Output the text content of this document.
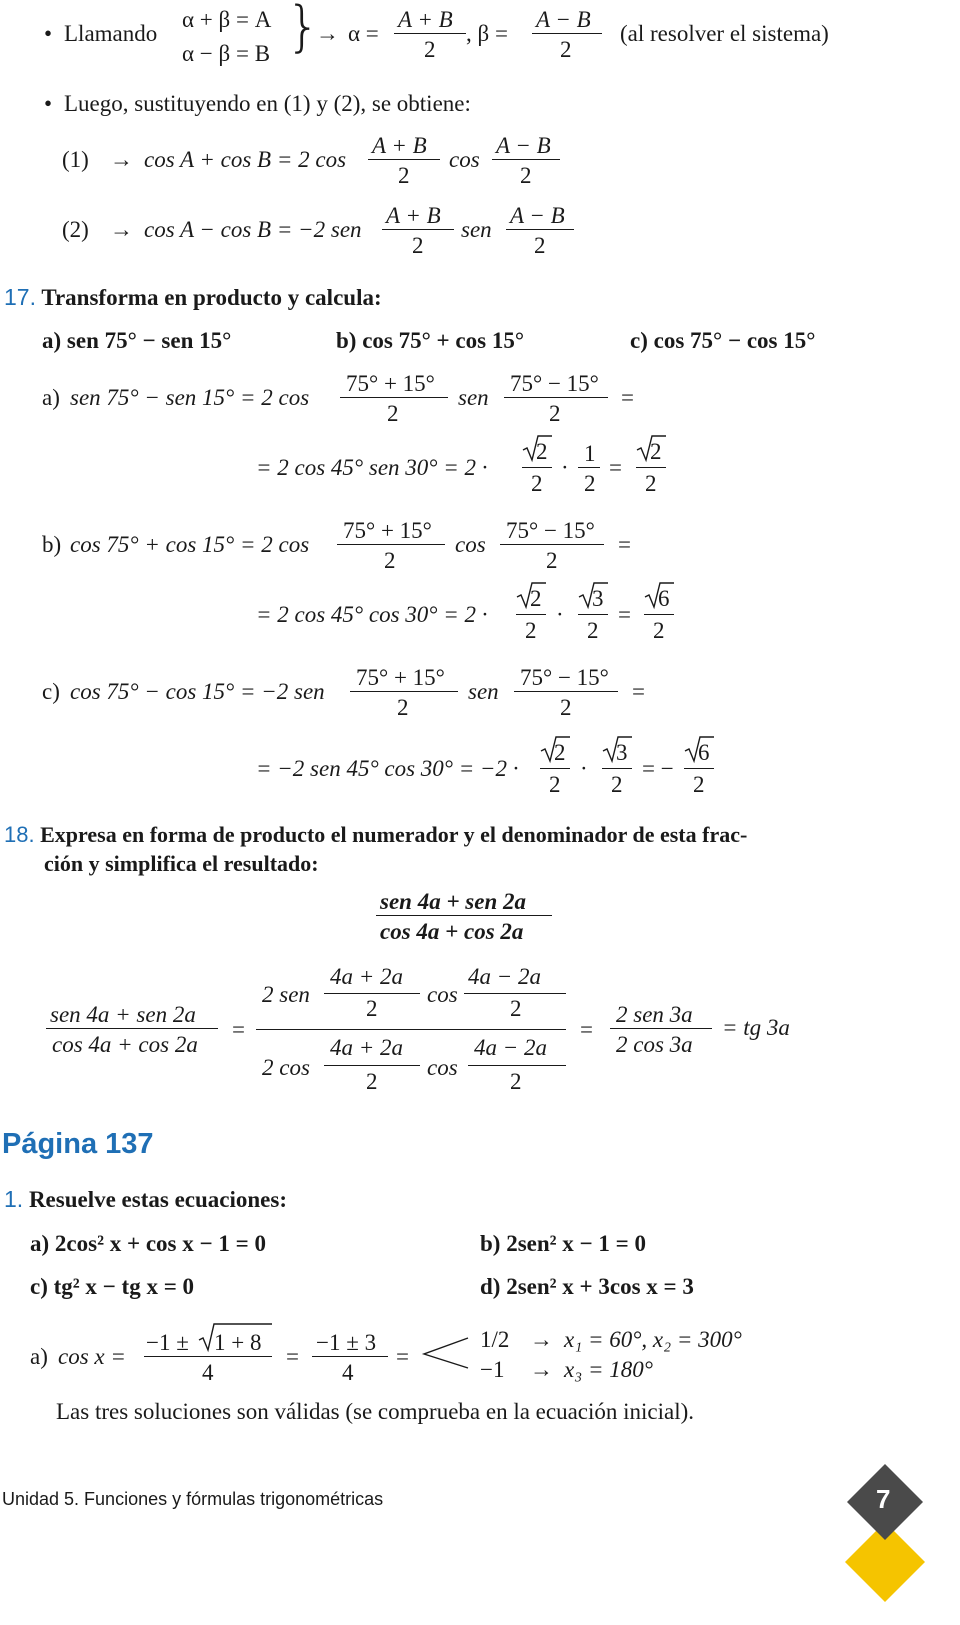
• Llamando
α + β = A
α − β = B }
→ α =
A + B
2
, β =
A − B
2
(al resolver el sistema)
• Luego, sustituyendo en (1) y (2), se obtiene:
(1) → cos A + cos B = 2 cos
A + B
2
cos
A − B
2
(2) → cos A − cos B = −2 sen
A + B
2
sen
A − B
2
17. Transforma en producto y calcula:
a) sen 75° − sen 15°	b) cos 75° + cos 15°	c) cos 75° − cos 15°
a) sen 75° − sen 15° = 2 cos
75° + 15°
2
sen
75° − 15°
2
=
= 2 cos 45° sen 30° = 2 ·
2
2
·
1
2
=
2
2
b) cos 75° + cos 15° = 2 cos
75° + 15°
2
cos
75° − 15°
2
=
= 2 cos 45° cos 30° = 2 ·
2
2
·
3
2
=
6
2
c) cos 75° − cos 15° = −2 sen
75° + 15°
2
sen
75° − 15°
2
=
= −2 sen 45° cos 30° = −2 ·
2
2
·
3
2
= −
6
2
18. Expresa en forma de producto el numerador y el denominador de esta frac-
ción y simplifica el resultado:
sen 4a + sen 2a
cos 4a + cos 2a
sen 4a + sen 2a
cos 4a + cos 2a
=
2 sen
4a + 2a
2
cos
4a − 2a
2
2 cos
4a + 2a
2
cos
4a − 2a
2
=
2 sen 3a
2 cos 3a
= tg 3a
Página 137
1. Resuelve estas ecuaciones:
a) 2cos² x + cos x − 1 = 0	b) 2sen² x − 1 = 0
c) tg² x − tg x = 0	d) 2sen² x + 3cos x = 3
a) cos x =
−1 ± 1 + 8
4
=
−1 ± 3
4
=
1/2 → x₁ = 60°, x₂ = 300°
−1 → x₃ = 180°
Las tres soluciones son válidas (se comprueba en la ecuación inicial).
Unidad 5. Funciones y fórmulas trigonométricas	7
